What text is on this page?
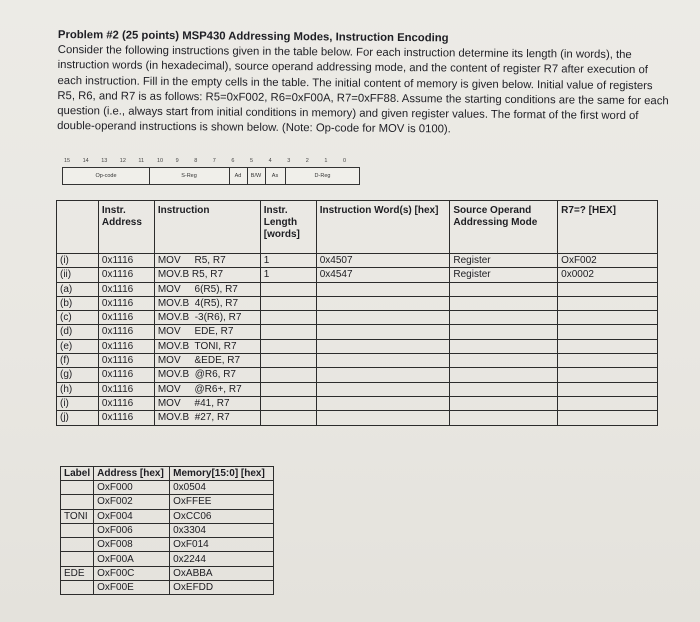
Problem #2 (25 points) MSP430 Addressing Modes, Instruction Encoding
Consider the following instructions given in the table below. For each instruction determine its length (in words), the instruction words (in hexadecimal), source operand addressing mode, and the content of register R7 after execution of each instruction. Fill in the empty cells in the table. The initial content of memory is given below. Initial value of registers R5, R6, and R7 is as follows: R5=0xF002, R6=0xF00A, R7=0xFF88. Assume the starting conditions are the same for each question (i.e., always start from initial conditions in memory) and given register values. The format of the first word of double-operand instructions is shown below. (Note: Op-code for MOV is 0100).
15 14 13 12 11 10 9	8	7	6	5	4	3	2	1	0
Op-code	S-Reg	Ad	B/W	As	D-Reg
	Instr. Address	Instruction	Instr. Length [words]	Instruction Word(s) [hex]	Source Operand Addressing Mode	R7=? [HEX]
(i)	0x1116	MOV     R5, R7	1	0x4507	Register	OxF002
(ii)	0x1116	MOV.B R5, R7	1	0x4547	Register	0x0002
(a)	0x1116	MOV     6(R5), R7				
(b)	0x1116	MOV.B  4(R5), R7				
(c)	0x1116	MOV.B  -3(R6), R7				
(d)	0x1116	MOV     EDE, R7				
(e)	0x1116	MOV.B  TONI, R7				
(f)	0x1116	MOV     &EDE, R7				
(g)	0x1116	MOV.B  @R6, R7				
(h)	0x1116	MOV     @R6+, R7				
(i)	0x1116	MOV     #41, R7				
(j)	0x1116	MOV.B  #27, R7				
Label	Address [hex]	Memory[15:0] [hex]
	OxF000	0x0504
	OxF002	OxFFEE
TONI	OxF004	OxCC06
	OxF006	0x3304
	OxF008	OxF014
	OxF00A	0x2244
EDE	OxF00C	OxABBA
	OxF00E	OxEFDD
